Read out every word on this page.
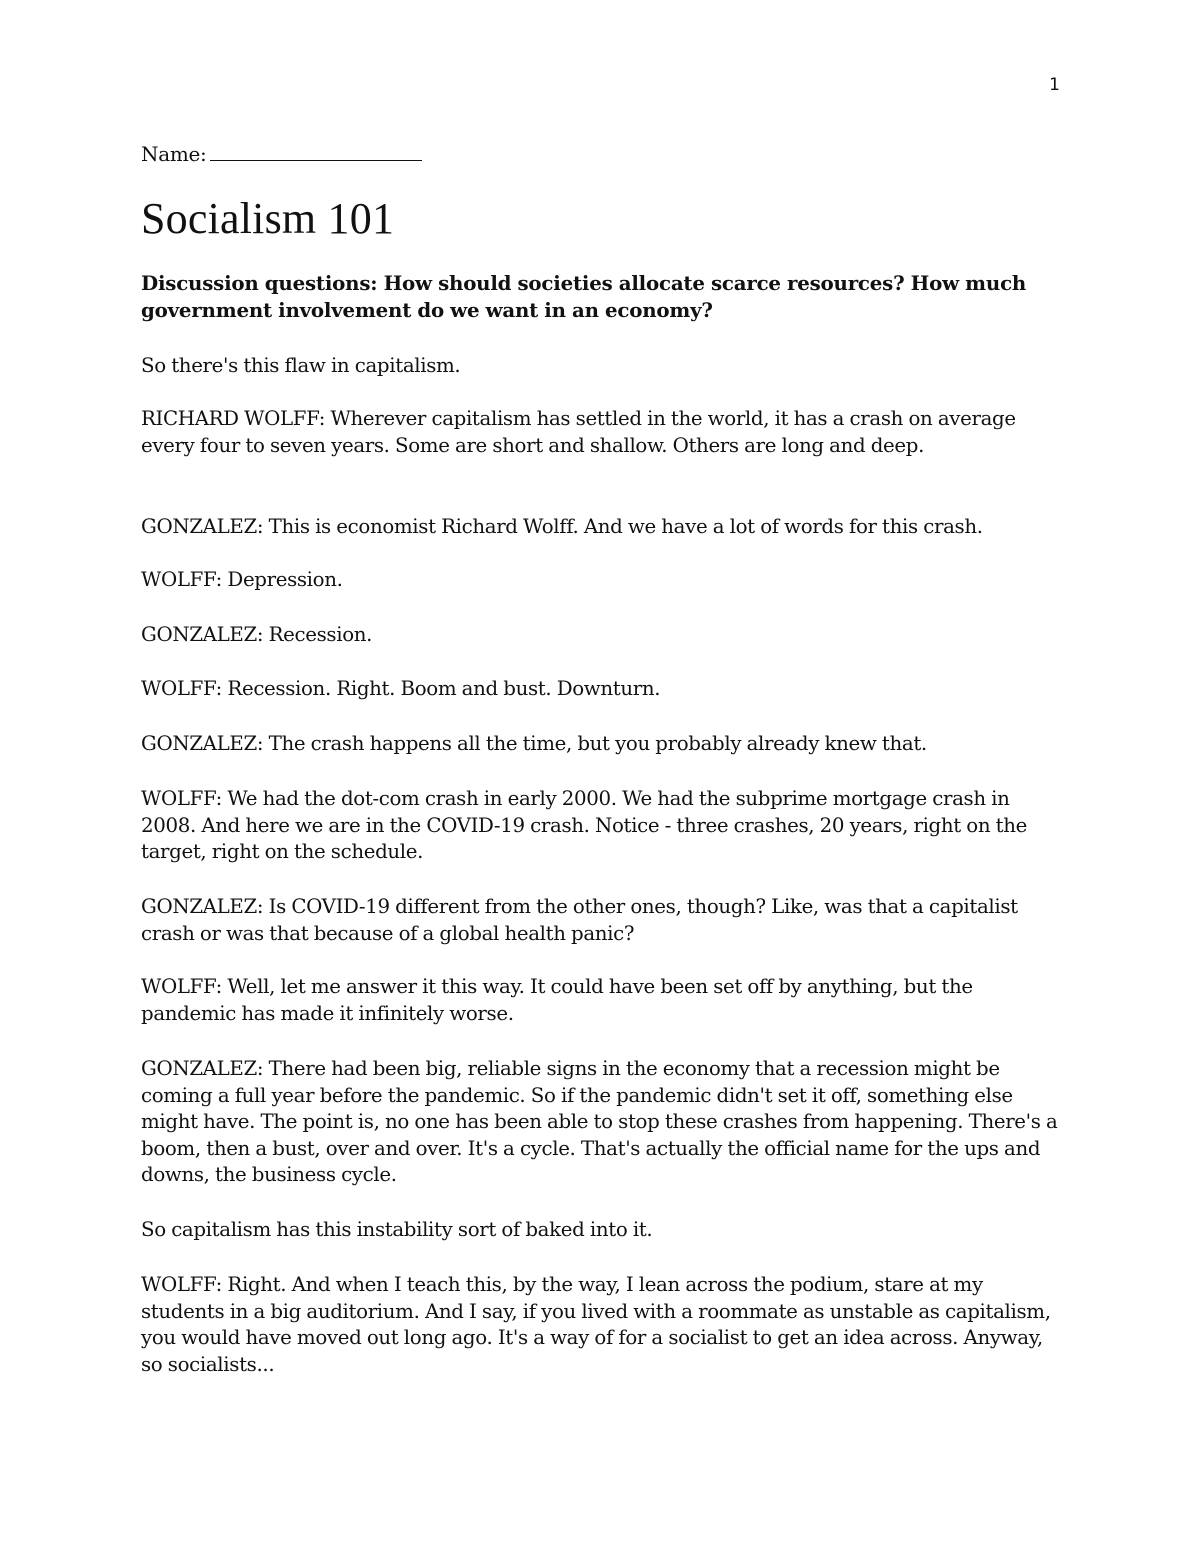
1
Name:
Socialism 101

Discussion questions: How should societies allocate scarce resources? How much government involvement do we want in an economy?

So there's this flaw in capitalism.

RICHARD WOLFF: Wherever capitalism has settled in the world, it has a crash on average every four to seven years. Some are short and shallow. Others are long and deep.

GONZALEZ: This is economist Richard Wolff. And we have a lot of words for this crash.

WOLFF: Depression.

GONZALEZ: Recession.

WOLFF: Recession. Right. Boom and bust. Downturn.

GONZALEZ: The crash happens all the time, but you probably already knew that.

WOLFF: We had the dot-com crash in early 2000. We had the subprime mortgage crash in 2008. And here we are in the COVID-19 crash. Notice - three crashes, 20 years, right on the target, right on the schedule.

GONZALEZ: Is COVID-19 different from the other ones, though? Like, was that a capitalist crash or was that because of a global health panic?

WOLFF: Well, let me answer it this way. It could have been set off by anything, but the pandemic has made it infinitely worse.

GONZALEZ: There had been big, reliable signs in the economy that a recession might be coming a full year before the pandemic. So if the pandemic didn't set it off, something else might have. The point is, no one has been able to stop these crashes from happening. There's a boom, then a bust, over and over. It's a cycle. That's actually the official name for the ups and downs, the business cycle.

So capitalism has this instability sort of baked into it.

WOLFF: Right. And when I teach this, by the way, I lean across the podium, stare at my students in a big auditorium. And I say, if you lived with a roommate as unstable as capitalism, you would have moved out long ago. It's a way of for a socialist to get an idea across. Anyway, so socialists...
